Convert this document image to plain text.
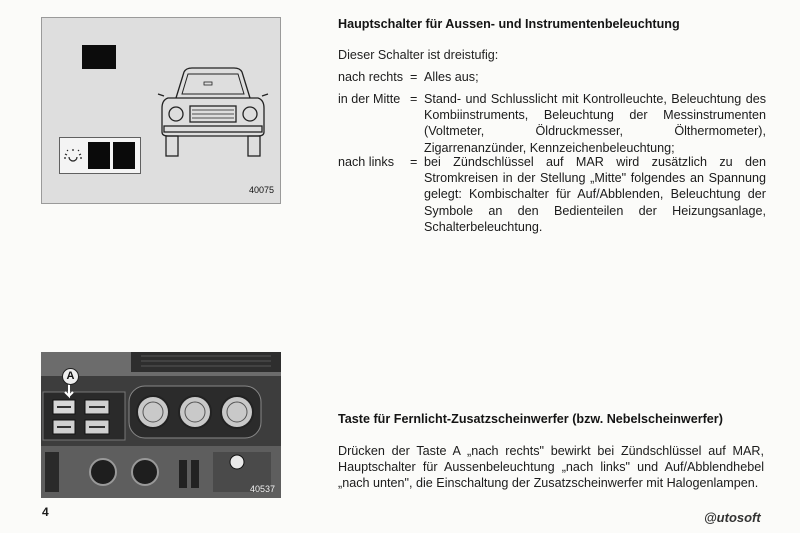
40075
Hauptschalter für Aussen- und Instrumentenbeleuchtung
Dieser Schalter ist dreistufig:
nach rechts = Alles aus;
in der Mitte = Stand- und Schlusslicht mit Kontrolleuchte, Beleuchtung des Kombiinstruments, Beleuchtung der Messinstrumenten (Voltmeter, Öldruckmesser, Ölthermometer), Zigarrenanzünder, Kennzeichenbeleuchtung;
nach links = bei Zündschlüssel auf MAR wird zusätzlich zu den Stromkreisen in der Stellung „Mitte" folgendes an Spannung gelegt: Kombischalter für Auf/Abblenden, Beleuchtung der Symbole an den Bedienteilen der Heizungsanlage, Schalterbeleuchtung.
A
40537
Taste für Fernlicht-Zusatzscheinwerfer (bzw. Nebelscheinwerfer)
Drücken der Taste A „nach rechts" bewirkt bei Zündschlüssel auf MAR, Hauptschalter für Aussenbeleuchtung „nach links" und Auf/Abblendhebel „nach unten", die Einschaltung der Zusatzscheinwerfer mit Halogenlampen.
4	@utosoft
